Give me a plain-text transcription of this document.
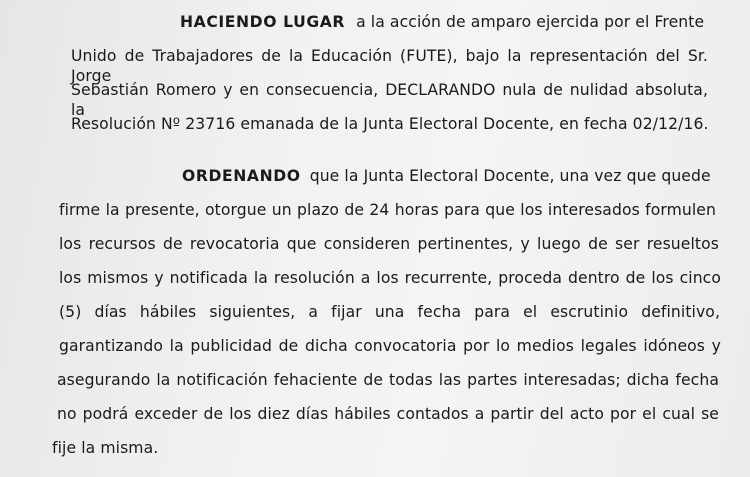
HACIENDO LUGAR a la acción de amparo ejercida por el Frente
Unido de Trabajadores de la Educación (FUTE), bajo la representación del Sr. Jorge
Sebastián Romero y en consecuencia, DECLARANDO nula de nulidad absoluta, la
Resolución Nº 23716 emanada de la Junta Electoral Docente, en fecha 02/12/16.
ORDENANDO que la Junta Electoral Docente, una vez que quede
firme la presente, otorgue un plazo de 24 horas para que los interesados formulen
los recursos de revocatoria que consideren pertinentes, y luego de ser resueltos
los mismos y notificada la resolución a los recurrente, proceda dentro de los cinco
(5) días hábiles siguientes, a fijar una fecha para el escrutinio definitivo,
garantizando la publicidad de dicha convocatoria por lo medios legales idóneos y
asegurando la notificación fehaciente de todas las partes interesadas; dicha fecha
no podrá exceder de los diez días hábiles contados a partir del acto por el cual se
fije la misma.
